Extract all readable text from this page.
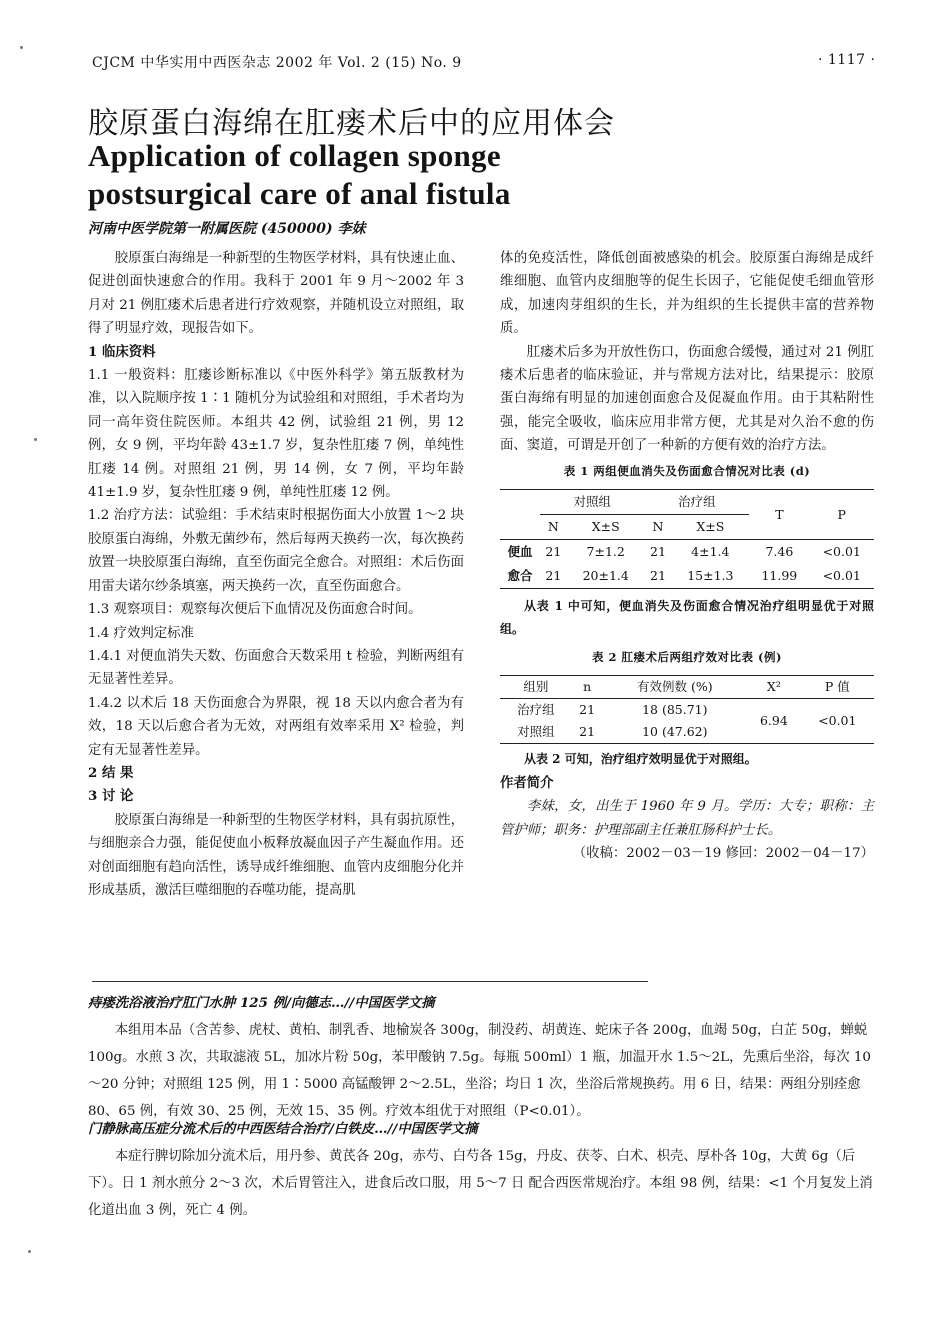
CJCM 中华实用中西医杂志 2002 年 Vol. 2 (15) No. 9	· 1117 ·
胶原蛋白海绵在肛瘘术后中的应用体会
Application of collagen sponge
postsurgical care of anal fistula
河南中医学院第一附属医院 (450000) 李妹

胶原蛋白海绵是一种新型的生物医学材料，具有快速止血、促进创面快速愈合的作用。我科于 2001 年 9 月～2002 年 3 月对 21 例肛瘘术后患者进行疗效观察，并随机设立对照组，取得了明显疗效，现报告如下。

1 临床资料

1.1 一般资料：肛瘘诊断标准以《中医外科学》第五版教材为准，以入院顺序按 1∶1 随机分为试验组和对照组，手术者均为同一高年资住院医师。本组共 42 例，试验组 21 例，男 12 例，女 9 例，平均年龄 43±1.7 岁，复杂性肛瘘 7 例，单纯性肛瘘 14 例。对照组 21 例，男 14 例，女 7 例，平均年龄 41±1.9 岁，复杂性肛瘘 9 例，单纯性肛瘘 12 例。

1.2 治疗方法：试验组：手术结束时根据伤面大小放置 1～2 块胶原蛋白海绵，外敷无菌纱布，然后每两天换药一次，每次换药放置一块胶原蛋白海绵，直至伤面完全愈合。对照组：术后伤面用雷夫诺尔纱条填塞，两天换药一次，直至伤面愈合。

1.3 观察项目：观察每次便后下血情况及伤面愈合时间。

1.4 疗效判定标准

1.4.1 对便血消失天数、伤面愈合天数采用 t 检验，判断两组有无显著性差异。

1.4.2 以术后 18 天伤面愈合为界限，视 18 天以内愈合者为有效，18 天以后愈合者为无效，对两组有效率采用 X² 检验，判定有无显著性差异。

2 结 果

3 讨 论

胶原蛋白海绵是一种新型的生物医学材料，具有弱抗原性，与细胞亲合力强，能促使血小板释放凝血因子产生凝血作用。还对创面细胞有趋向活性，诱导成纤维细胞、血管内皮细胞分化并形成基质，激活巨噬细胞的吞噬功能，提高肌

体的免疫活性，降低创面被感染的机会。胶原蛋白海绵是成纤维细胞、血管内皮细胞等的促生长因子，它能促使毛细血管形成，加速肉芽组织的生长，并为组织的生长提供丰富的营养物质。

肛瘘术后多为开放性伤口，伤面愈合缓慢，通过对 21 例肛瘘术后患者的临床验证，并与常规方法对比，结果提示：胶原蛋白海绵有明显的加速创面愈合及促凝血作用。由于其粘附性强，能完全吸收，临床应用非常方便，尤其是对久治不愈的伤面、窦道，可谓是开创了一种新的方便有效的治疗方法。

表 1 两组便血消失及伤面愈合情况对比表 (d)
	对照组		治疗组		T	P
	N	X±S	N	X±S		
便血	21	7±1.2	21	4±1.4	7.46	<0.01
愈合	21	20±1.4	21	15±1.3	11.99	<0.01

从表 1 中可知，便血消失及伤面愈合情况治疗组明显优于对照组。

表 2 肛瘘术后两组疗效对比表 (例)
组别	n	有效例数 (%)	X²	P 值
治疗组	21	18 (85.71)	6.94	<0.01
对照组	21	10 (47.62)		

从表 2 可知，治疗组疗效明显优于对照组。

作者简介

李妹，女，出生于 1960 年 9 月。学历：大专；职称：主管护师；职务：护理部副主任兼肛肠科护士长。

（收稿：2002－03－19 修回：2002－04－17）

痔瘘洗浴液治疗肛门水肿 125 例/向德志…//中国医学文摘

本组用本品（含苦参、虎杖、黄柏、制乳香、地榆炭各 300g，制没药、胡黄连、蛇床子各 200g，血竭 50g，白芷 50g，蝉蜕 100g。水煎 3 次，共取滤液 5L，加冰片粉 50g，苯甲酸钠 7.5g。每瓶 500ml）1 瓶，加温开水 1.5～2L，先熏后坐浴，每次 10～20 分钟；对照组 125 例，用 1∶5000 高锰酸钾 2～2.5L，坐浴；均日 1 次，坐浴后常规换药。用 6 日，结果：两组分别痊愈 80、65 例，有效 30、25 例，无效 15、35 例。疗效本组优于对照组（P<0.01）。

门静脉高压症分流术后的中西医结合治疗/白铁皮…//中国医学文摘

本症行脾切除加分流术后，用丹参、黄芪各 20g，赤芍、白芍各 15g，丹皮、茯苓、白术、枳壳、厚朴各 10g，大黄 6g（后下）。日 1 剂水煎分 2～3 次，术后胃管注入，进食后改口服，用 5～7 日 配合西医常规治疗。本组 98 例，结果：<1 个月复发上消化道出血 3 例，死亡 4 例。
